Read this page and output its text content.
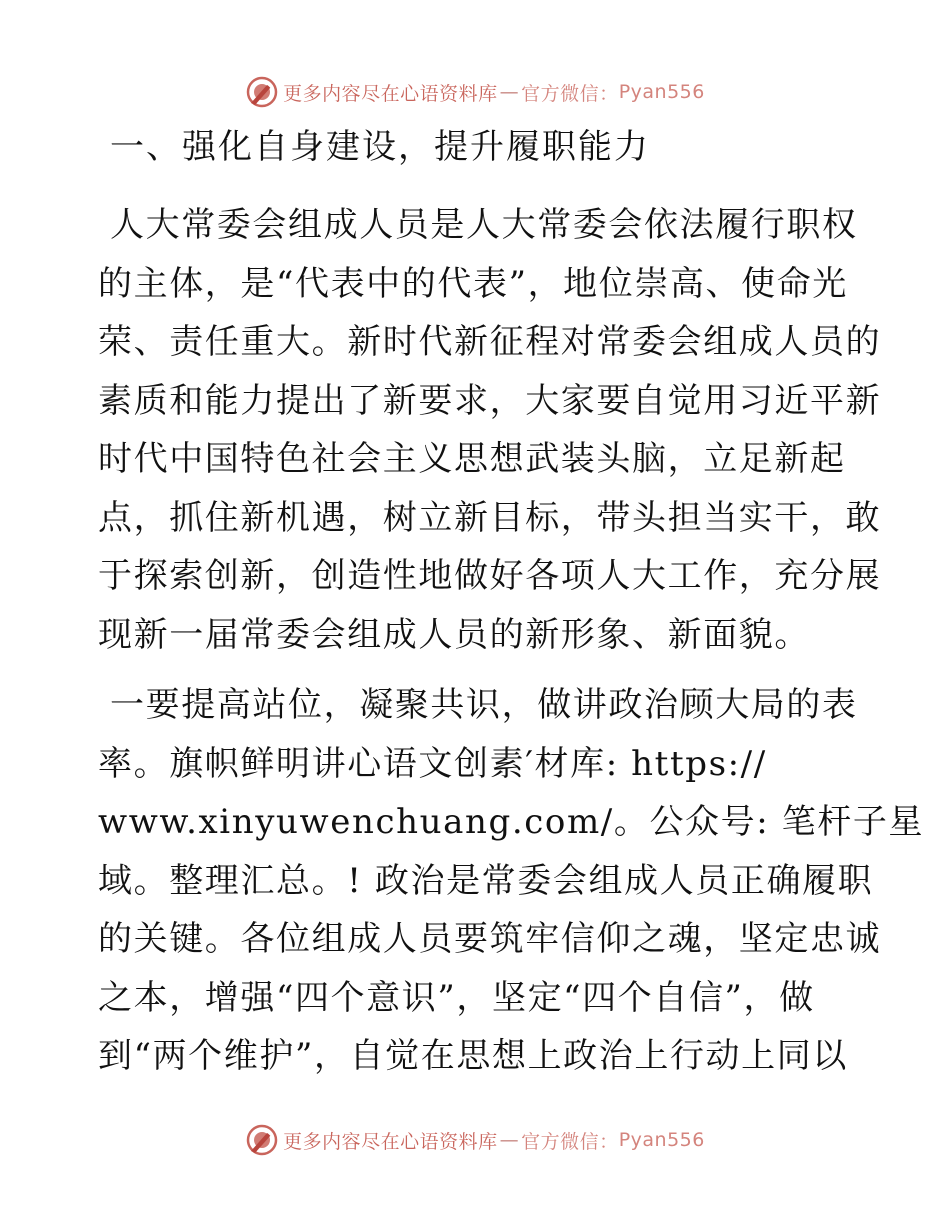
更多内容尽在心语资料库 — 官方微信： Pyan556
一、强化自身建设，提升履职能力
人大常委会组成人员是人大常委会依法履行职权
的主体，是“代表中的代表”，地位崇高、使命光
荣、责任重大。新时代新征程对常委会组成人员的
素质和能力提出了新要求，大家要自觉用习近平新
时代中国特色社会主义思想武装头脑，立足新起
点，抓住新机遇，树立新目标，带头担当实干，敢
于探索创新，创造性地做好各项人大工作，充分展
现新一届常委会组成人员的新形象、新面貌。
一要提高站位，凝聚共识，做讲政治顾大局的表
率。旗帜鲜明讲心语文创素′材库: https://
www.xinyuwenchuang.com/。公众号: 笔杆子星
域。整理汇总。! 政治是常委会组成人员正确履职
的关键。各位组成人员要筑牢信仰之魂，坚定忠诚
之本，增强“四个意识”，坚定“四个自信”，做
到“两个维护”，自觉在思想上政治上行动上同以
更多内容尽在心语资料库 — 官方微信： Pyan556
